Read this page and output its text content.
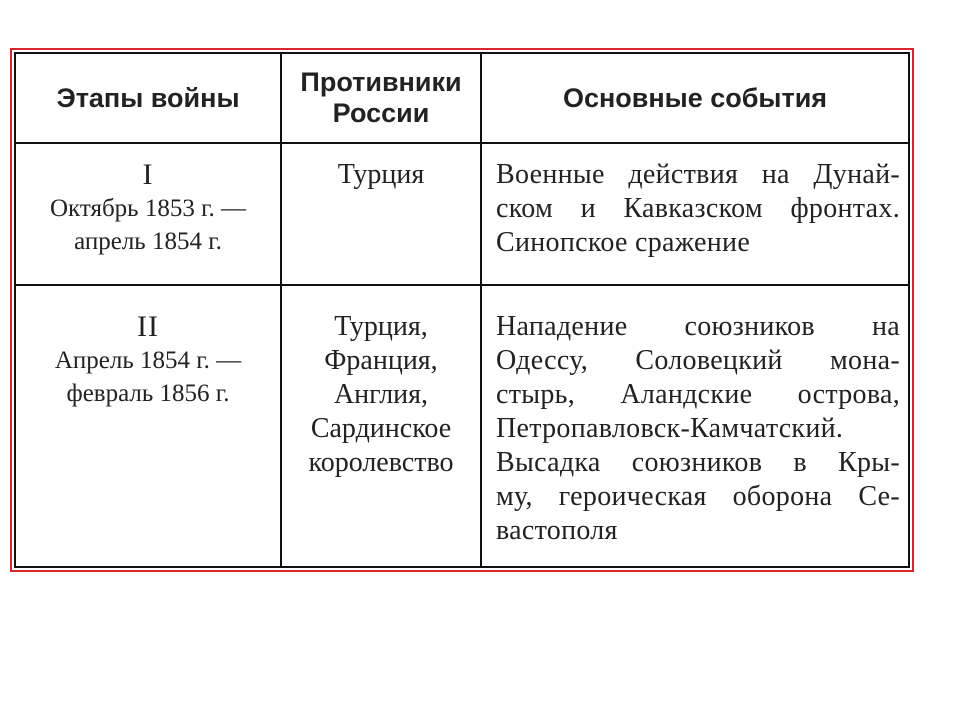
Этапы войны
Противники
России
Основные события
I
Октябрь 1853 г. —
апрель 1854 г.
Турция	Военные действия на Дунай-
ском и Кавказском фронтах.
Синопское сражение
II
Апрель 1854 г. —
февраль 1856 г.
Турция,
Франция,
Англия,
Сардинское
королевство
Нападение союзников на
Одессу, Соловецкий мона-
стырь, Аландские острова,
Петропавловск-Камчатский.
Высадка союзников в Кры-
му, героическая оборона Се-
вастополя
